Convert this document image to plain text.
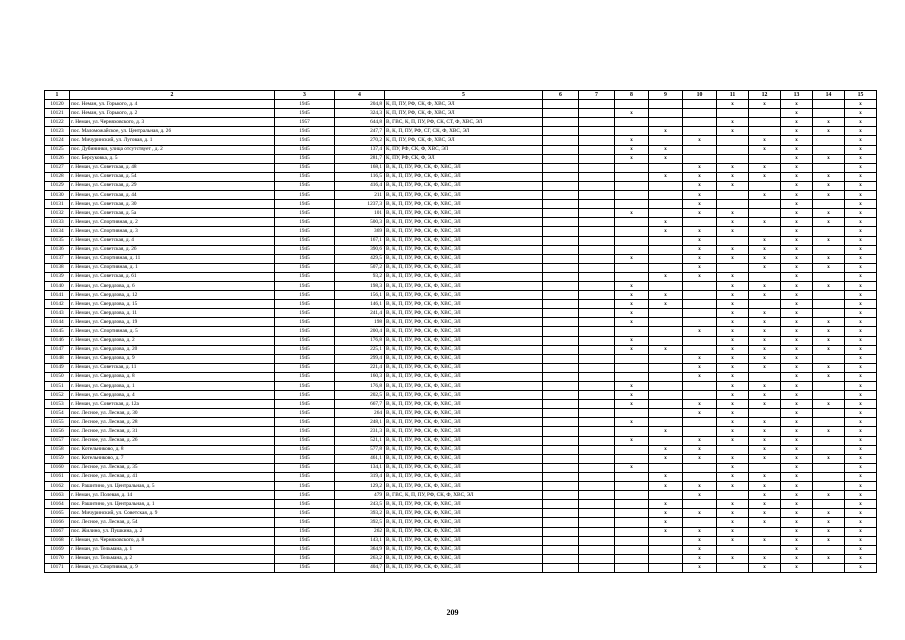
1	2	3	4	5	6	7	8	9	10	11	12	13	14	15
10120	пос. Неман, ул. Горького, д. 4	1945	204,8	К, П, ПУ, РФ, СК, Ф, ХВС, ЭЛ						x	x	x		x
10121	пос. Неман, ул. Горького, д. 2	1945	324,3	К, П, ПУ, РФ, СК, Ф, ХВС, ЭЛ			x					x		x
10122	г. Неман, ул. Черняховского, д. 3	1957	644,8	В, ГВС, К, П, ПУ, РФ, СК, СТ, Ф, ХВС, ЭЛ						x		x	x	x
10123	пос. Маломожайское, ул. Центральная, д. 26	1945	247,7	В, К, П, ПУ, РФ, СГ, СК, Ф, ХВС, ЭЛ				x		x		x	x	x
10124	пос. Мичуринский, ул. Луговая, д. 1	1945	270,2	К, П, ПУ, РФ, СК, Ф, ХВС, ЭЛ			x		x		x	x		x
10125	пос. Дубининки, улица отсутствует , д. 2	1945	137,4	К, ПУ, РФ, СК, Ф, ХВС, ЭЛ			x	x			x	x		x
10126	пос. Берсуковка, д. 5	1945	281,7	К, ПУ, РФ, СК, Ф, ЭЛ			x	x				x	x	x
10127	г. Неман, ул. Советская, д. 48	1945	168,1	В, К, П, ПУ, РФ, СК, Ф, ХВС, ЭЛ					x	x	x	x		x
10128	г. Неман, ул. Советская, д. 54	1945	116,5	В, К, П, ПУ, РФ, СК, Ф, ХВС, ЭЛ				x	x	x	x	x	x	x
10129	г. Неман, ул. Советская, д. 29	1945	416,4	В, К, П, ПУ, РФ, СК, Ф, ХВС, ЭЛ					x	x		x	x	x
10130	г. Неман, ул. Советская, д. 44	1945	211	В, К, П, ПУ, РФ, СК, Ф, ХВС, ЭЛ					x		x	x	x	x
10131	г. Неман, ул. Советская, д. 30	1945	1237,3	В, К, П, ПУ, РФ, СК, Ф, ХВС, ЭЛ					x			x		x
10132	г. Неман, ул. Советская, д. 5а	1945	101	В, К, П, ПУ, РФ, СК, Ф, ХВС, ЭЛ			x		x	x		x	x	x
10133	г. Неман, ул. Спортивная, д. 2	1945	500,3	В, К, П, ПУ, РФ, СК, Ф, ХВС, ЭЛ				x		x	x	x	x	x
10134	г. Неман, ул. Спортивная, д. 3	1945	369	В, К, П, ПУ, РФ, СК, Ф, ХВС, ЭЛ				x	x	x		x		x
10135	г. Неман, ул. Советская, д. 4	1945	167,1	В, К, П, ПУ, РФ, СК, Ф, ХВС, ЭЛ					x		x	x	x	x
10136	г. Неман, ул. Советская, д. 26	1945	390,6	В, К, П, ПУ, РФ, СК, Ф, ХВС, ЭЛ					x	x	x	x		x
10137	г. Неман, ул. Спортивная, д. 11	1945	429,5	В, К, П, ПУ, РФ, СК, Ф, ХВС, ЭЛ			x		x	x	x	x	x	x
10138	г. Неман, ул. Спортивная, д. 1	1945	507,2	В, К, П, ПУ, РФ, СК, Ф, ХВС, ЭЛ					x		x	x	x	x
10139	г. Неман, ул. Советская, д. 61	1945	93,2	В, К, П, ПУ, РФ, СК, Ф, ХВС, ЭЛ				x	x	x		x		x
10140	г. Неман, ул. Свердлова, д. 6	1945	198,3	В, К, П, ПУ, РФ, СК, Ф, ХВС, ЭЛ			x			x	x	x	x	x
10141	г. Неман, ул. Свердлова, д. 12	1945	156,1	В, К, П, ПУ, РФ, СК, Ф, ХВС, ЭЛ			x	x		x	x	x		x
10142	г. Неман, ул. Свердлова, д. 15	1945	146,1	В, К, П, ПУ, РФ, СК, Ф, ХВС, ЭЛ			x	x		x		x		x
10143	г. Неман, ул. Свердлова, д. 11	1945	241,4	В, К, П, ПУ, РФ, СК, Ф, ХВС, ЭЛ			x			x	x	x		x
10144	г. Неман, ул. Свердлова, д. 19	1945	198	В, К, П, ПУ, РФ, СК, Ф, ХВС, ЭЛ			x			x	x	x	x	x
10145	г. Неман, ул. Спортивная, д. 5	1945	200,4	В, К, П, ПУ, РФ, СК, Ф, ХВС, ЭЛ					x	x	x	x	x	x
10146	г. Неман, ул. Свердлова, д. 2	1945	176,8	В, К, П, ПУ, РФ, СК, Ф, ХВС, ЭЛ			x			x	x	x	x	x
10147	г. Неман, ул. Свердлова, д. 20	1945	225,1	В, К, П, ПУ, РФ, СК, Ф, ХВС, ЭЛ			x	x		x	x	x	x	x
10148	г. Неман, ул. Свердлова, д. 9	1945	299,4	В, К, П, ПУ, РФ, СК, Ф, ХВС, ЭЛ					x	x	x	x		x
10149	г. Неман, ул. Советская, д. 11	1945	221,4	В, К, П, ПУ, РФ, СК, Ф, ХВС, ЭЛ					x	x	x	x	x	x
10150	г. Неман, ул. Свердлова, д. 8	1945	160,3	В, К, П, ПУ, РФ, СК, Ф, ХВС, ЭЛ					x	x		x	x	x
10151	г. Неман, ул. Свердлова, д. 1	1945	176,8	В, К, П, ПУ, РФ, СК, Ф, ХВС, ЭЛ			x			x	x	x		x
10152	г. Неман, ул. Свердлова, д. 4	1945	202,5	В, К, П, ПУ, РФ, СК, Ф, ХВС, ЭЛ			x			x	x	x		x
10153	г. Неман, ул. Советская, д. 12а	1945	667,7	В, К, П, ПУ, РФ, СК, Ф, ХВС, ЭЛ			x		x	x	x	x	x	x
10154	пос. Лесное, ул. Лесная, д. 30	1945	264	В, К, П, ПУ, РФ, СК, Ф, ХВС, ЭЛ					x	x		x		x
10155	пос. Лесное, ул. Лесная, д. 28	1945	248,1	В, К, П, ПУ, РФ, СК, Ф, ХВС, ЭЛ			x			x	x	x		x
10156	пос. Лесное, ул. Лесная, д. 31	1945	231,3	В, К, П, ПУ, РФ, СК, Ф, ХВС, ЭЛ				x		x	x	x	x	x
10157	пос. Лесное, ул. Лесная, д. 26	1945	521,1	В, К, П, ПУ, РФ, СК, Ф, ХВС, ЭЛ			x		x	x	x	x		x
10158	пос. Котельниково, д. 8	1945	577,8	В, К, П, ПУ, РФ, СК, Ф, ХВС, ЭЛ				x	x		x	x		x
10159	пос. Котельниково, д. 7	1945	461,1	В, К, П, ПУ, РФ, СК, Ф, ХВС, ЭЛ				x	x	x	x	x	x	x
10160	пос. Лесное, ул. Лесная, д. 35	1945	134,1	В, К, П, ПУ, РФ, СК, Ф, ХВС, ЭЛ			x			x		x		x
10161	пос. Лесное, ул. Лесная, д. 41	1945	319,4	В, К, П, ПУ, РФ, СК, Ф, ХВС, ЭЛ				x		x	x	x		x
10162	пос. Рашитино, ул. Центральная, д. 5	1945	129,2	В, К, П, ПУ, РФ, СК, Ф, ХВС, ЭЛ				x	x	x	x	x		x
10163	г. Неман, ул. Полевая, д. 14	1945	479	В, ГВС, К, П, ПУ, РФ, СК, Ф, ХВС, ЭЛ					x		x	x	x	x
10164	пос. Рашитино, ул. Центральная, д. 1	1945	243,5	В, К, П, ПУ, РФ, СК, Ф, ХВС, ЭЛ				x		x	x	x		x
10165	пос. Мичуринский, ул. Советская, д. 9	1945	393,2	В, К, П, ПУ, РФ, СК, Ф, ХВС, ЭЛ				x	x	x	x	x	x	x
10166	пос. Лесное, ул. Лесная, д. 54	1945	392,5	В, К, П, ПУ, РФ, СК, Ф, ХВС, ЭЛ				x		x	x	x	x	x
10167	пос. Жилино, ул. Пушкина, д. 2	1945	262	В, К, П, ПУ, РФ, СК, Ф, ХВС, ЭЛ				x	x	x		x	x	x
10168	г. Неман, ул. Черняховского, д. 8	1945	143,1	В, К, П, ПУ, РФ, СК, Ф, ХВС, ЭЛ					x	x	x	x	x	x
10169	г. Неман, ул. Тельмана, д. 1	1945	364,9	В, К, П, ПУ, РФ, СК, Ф, ХВС, ЭЛ					x			x		x
10170	г. Неман, ул. Тельмана, д. 2	1945	263,2	В, К, П, ПУ, РФ, СК, Ф, ХВС, ЭЛ					x	x	x	x	x	x
10171	г. Неман, ул. Спортивная, д. 9	1945	404,7	В, К, П, ПУ, РФ, СК, Ф, ХВС, ЭЛ					x		x	x		x
209
